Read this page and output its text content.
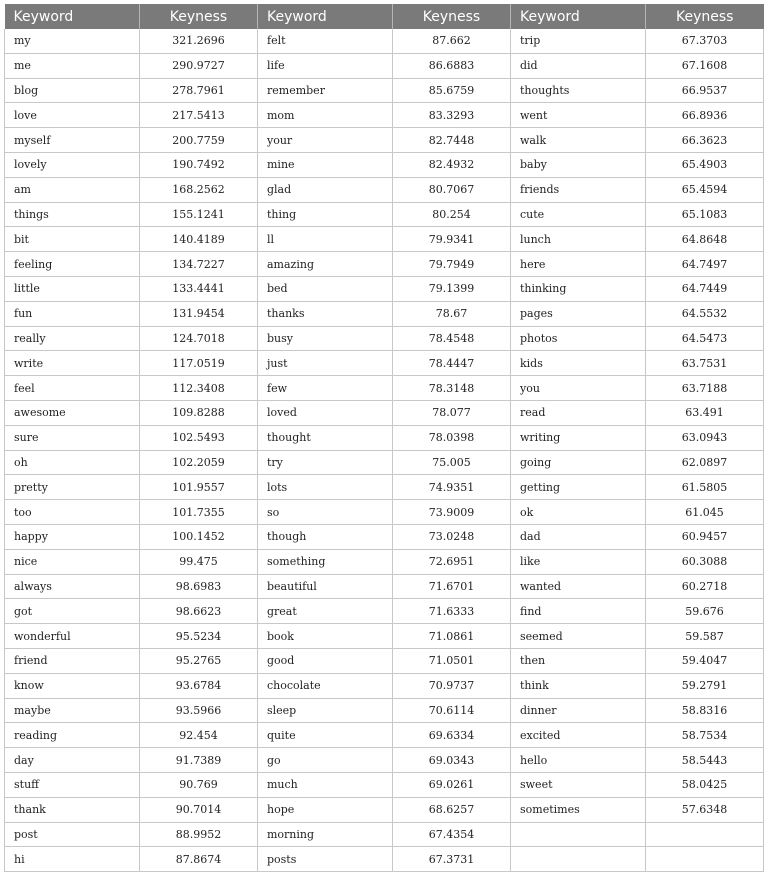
Keyword	Keyness	Keyword	Keyness	Keyword	Keyness
my	321.2696	felt	87.662	trip	67.3703
me	290.9727	life	86.6883	did	67.1608
blog	278.7961	remember	85.6759	thoughts	66.9537
love	217.5413	mom	83.3293	went	66.8936
myself	200.7759	your	82.7448	walk	66.3623
lovely	190.7492	mine	82.4932	baby	65.4903
am	168.2562	glad	80.7067	friends	65.4594
things	155.1241	thing	80.254	cute	65.1083
bit	140.4189	ll	79.9341	lunch	64.8648
feeling	134.7227	amazing	79.7949	here	64.7497
little	133.4441	bed	79.1399	thinking	64.7449
fun	131.9454	thanks	78.67	pages	64.5532
really	124.7018	busy	78.4548	photos	64.5473
write	117.0519	just	78.4447	kids	63.7531
feel	112.3408	few	78.3148	you	63.7188
awesome	109.8288	loved	78.077	read	63.491
sure	102.5493	thought	78.0398	writing	63.0943
oh	102.2059	try	75.005	going	62.0897
pretty	101.9557	lots	74.9351	getting	61.5805
too	101.7355	so	73.9009	ok	61.045
happy	100.1452	though	73.0248	dad	60.9457
nice	99.475	something	72.6951	like	60.3088
always	98.6983	beautiful	71.6701	wanted	60.2718
got	98.6623	great	71.6333	find	59.676
wonderful	95.5234	book	71.0861	seemed	59.587
friend	95.2765	good	71.0501	then	59.4047
know	93.6784	chocolate	70.9737	think	59.2791
maybe	93.5966	sleep	70.6114	dinner	58.8316
reading	92.454	quite	69.6334	excited	58.7534
day	91.7389	go	69.0343	hello	58.5443
stuff	90.769	much	69.0261	sweet	58.0425
thank	90.7014	hope	68.6257	sometimes	57.6348
post	88.9952	morning	67.4354		
hi	87.8674	posts	67.3731		
